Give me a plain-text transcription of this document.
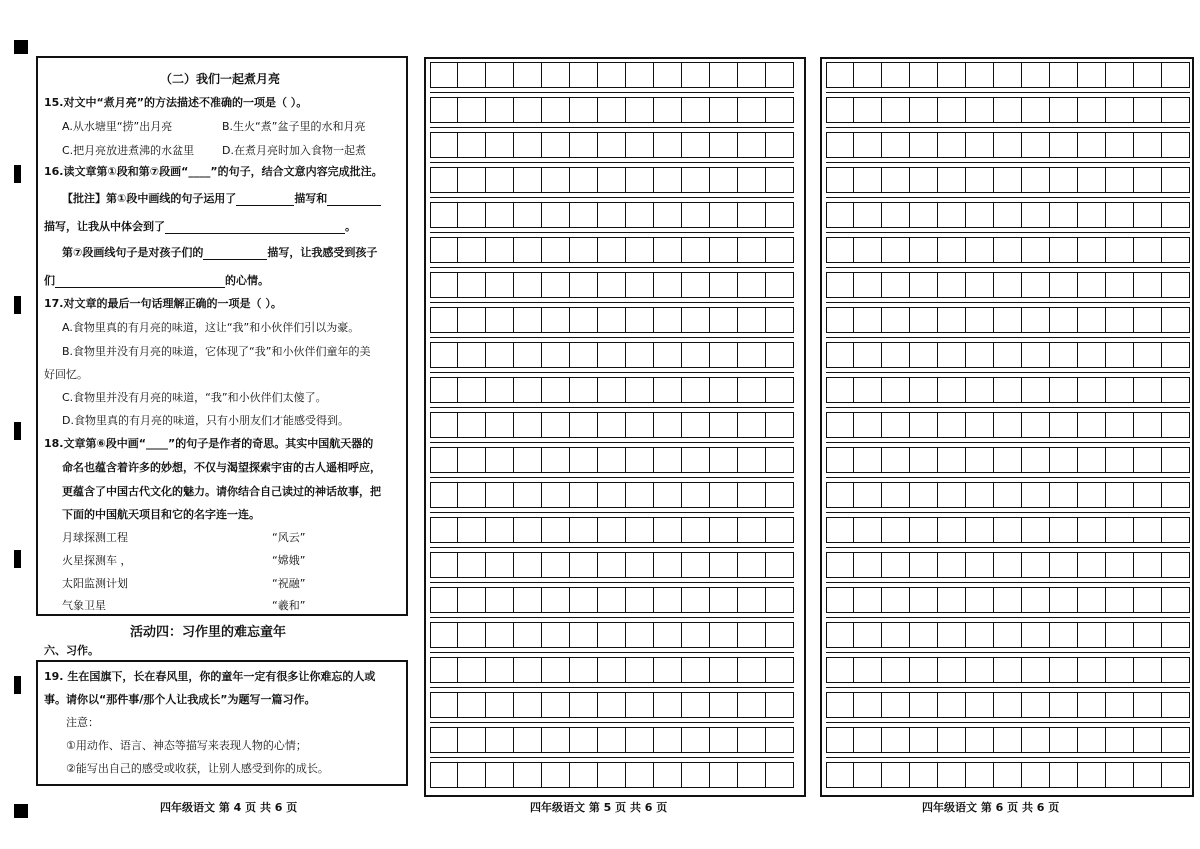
（二）我们一起煮月亮
15.对文中“煮月亮”的方法描述不准确的一项是（ ）。
A.从水塘里“捞”出月亮	B.生火“煮”盆子里的水和月亮
C.把月亮放进煮沸的水盆里	D.在煮月亮时加入食物一起煮
16.读文章第①段和第⑦段画“____”的句子，结合文意内容完成批注。
【批注】第①段中画线的句子运用了	描写和
描写，让我从中体会到了	。
第⑦段画线句子是对孩子们的	描写，让我感受到孩子
们	的心情。
17.对文章的最后一句话理解正确的一项是（ ）。
A.食物里真的有月亮的味道，这让“我”和小伙伴们引以为豪。
B.食物里并没有月亮的味道，它体现了“我”和小伙伴们童年的美
好回忆。
C.食物里并没有月亮的味道，“我”和小伙伴们太傻了。
D.食物里真的有月亮的味道，只有小朋友们才能感受得到。
18.文章第⑥段中画“____”的句子是作者的奇思。其实中国航天器的
命名也蕴含着许多的妙想，不仅与渴望探索宇宙的古人遥相呼应，
更蕴含了中国古代文化的魅力。请你结合自己读过的神话故事，把
下面的中国航天项目和它的名字连一连。
月球探测工程	“风云”
火星探测车 ，	“嫦娥”
太阳监测计划	“祝融”
气象卫星	“羲和”
活动四：习作里的难忘童年
六、习作。
19. 生在国旗下，长在春风里，你的童年一定有很多让你难忘的人或
事。请你以“那件事/那个人让我成长”为题写一篇习作。
注意：
①用动作、语言、神态等描写来表现人物的心情；
②能写出自己的感受或收获，让别人感受到你的成长。
四年级语文 第 4 页 共 6 页	四年级语文 第 5 页 共 6 页	四年级语文 第 6 页 共 6 页
